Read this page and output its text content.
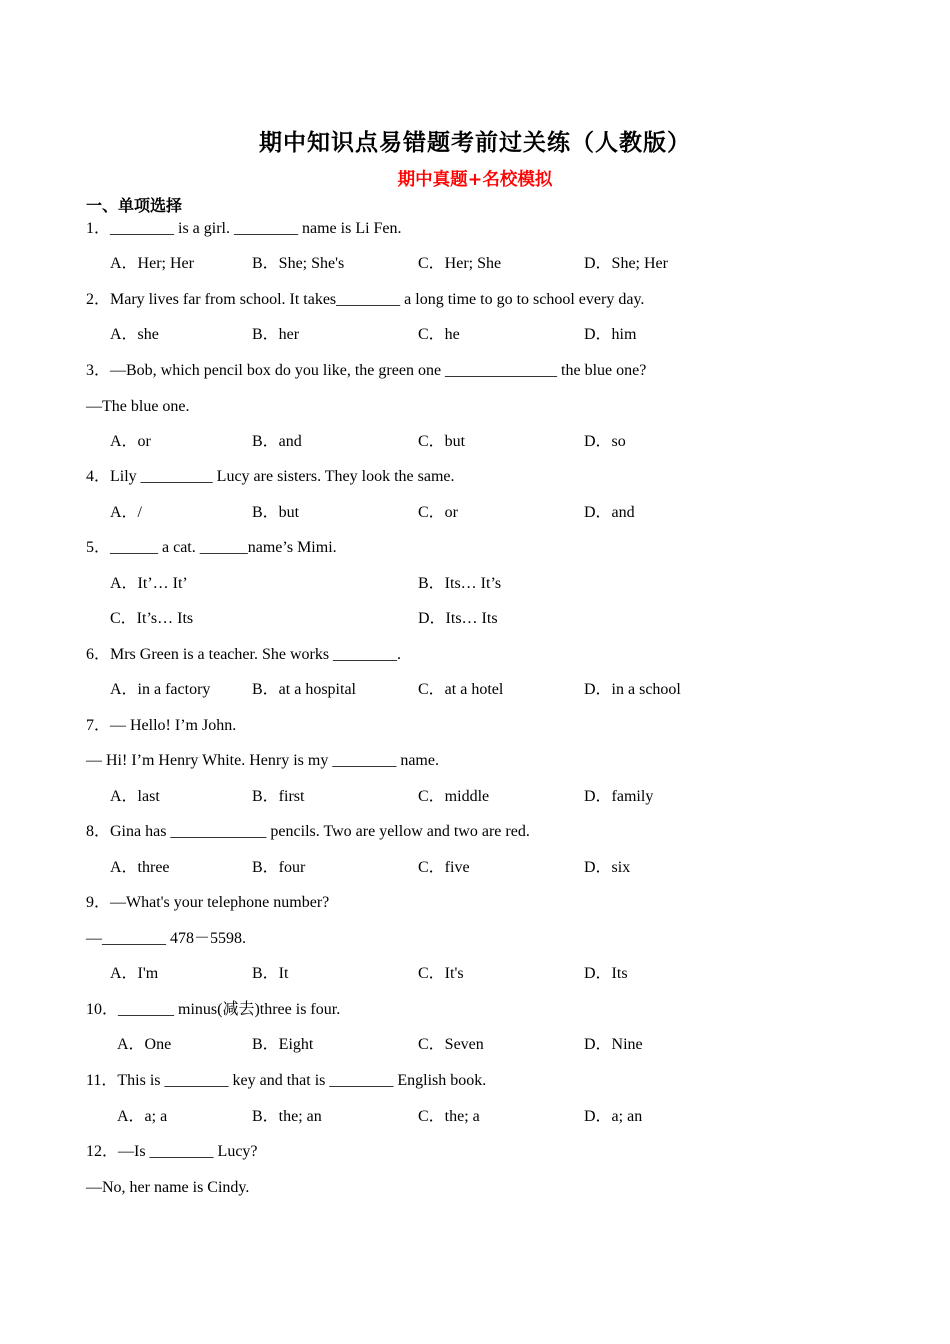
期中知识点易错题考前过关练（人教版）
期中真题+名校模拟
一、单项选择
1．________ is a girl. ________ name is Li Fen.
A．Her; Her	B．She; She's	C．Her; She	D．She; Her
2．Mary lives far from school. It takes________ a long time to go to school every day.
A．she	B．her	C．he	D．him
3．—Bob, which pencil box do you like, the green one ______________ the blue one?
—The blue one.
A．or	B．and	C．but	D．so
4．Lily _________ Lucy are sisters. They look the same.
A．/	B．but	C．or	D．and
5．______ a cat. ______name’s Mimi.
A．It’… It’	B．Its… It’s
C．It’s… Its	D．Its… Its
6．Mrs Green is a teacher. She works ________.
A．in a factory	B．at a hospital	C．at a hotel	D．in a school
7．— Hello! I’m John.
— Hi! I’m Henry White. Henry is my ________ name.
A．last	B．first	C．middle	D．family
8．Gina has ____________ pencils. Two are yellow and two are red.
A．three	B．four	C．five	D．six
9．—What's your telephone number?
—________ 478－5598.
A．I'm	B．It	C．It's	D．Its
10．_______ minus(减去)three is four.
A．One	B．Eight	C．Seven	D．Nine
11．This is ________ key and that is ________ English book.
A．a; a	B．the; an	C．the; a	D．a; an
12．—Is ________ Lucy?
—No, her name is Cindy.
